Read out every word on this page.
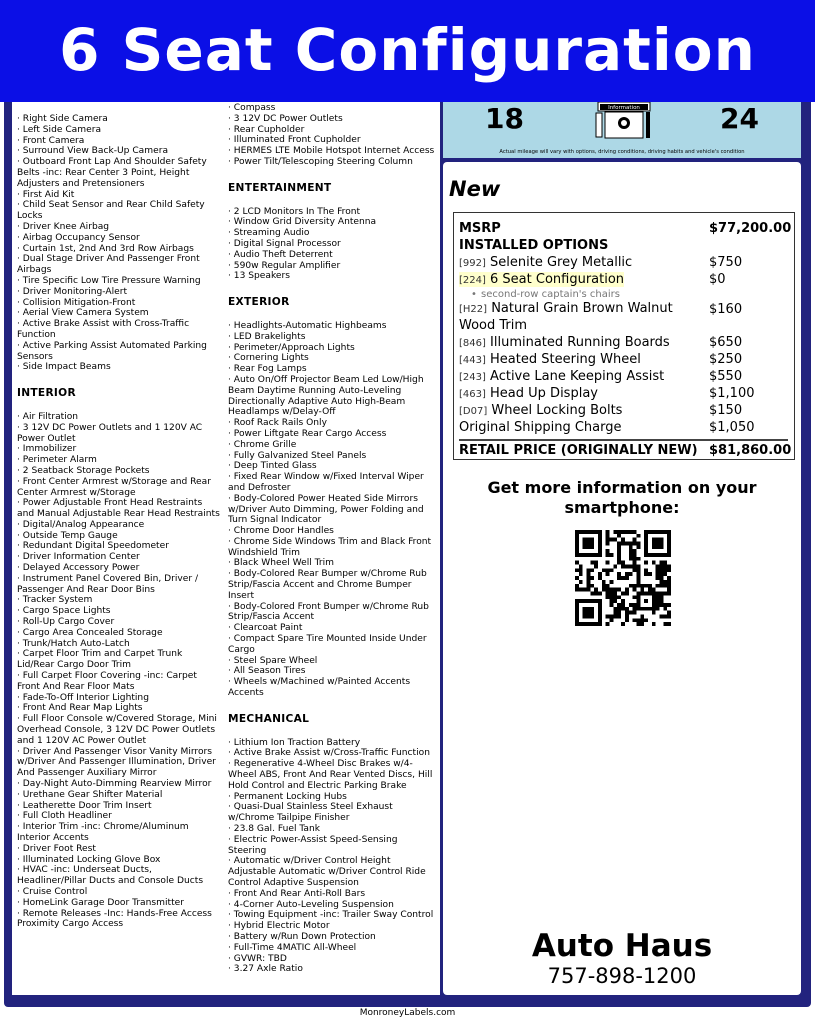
6 Seat Configuration
· Right Side Camera
· Left Side Camera
· Front Camera
· Surround View Back-Up Camera
· Outboard Front Lap And Shoulder Safety Belts -inc: Rear Center 3 Point, Height Adjusters and Pretensioners
· First Aid Kit
· Child Seat Sensor and Rear Child Safety Locks
· Driver Knee Airbag
· Airbag Occupancy Sensor
· Curtain 1st, 2nd And 3rd Row Airbags
· Dual Stage Driver And Passenger Front Airbags
· Tire Specific Low Tire Pressure Warning
· Driver Monitoring-Alert
· Collision Mitigation-Front
· Aerial View Camera System
· Active Brake Assist with Cross-Traffic Function
· Active Parking Assist Automated Parking Sensors
· Side Impact Beams
INTERIOR
· Air Filtration
· 3 12V DC Power Outlets and 1 120V AC Power Outlet
· Immobilizer
· Perimeter Alarm
· 2 Seatback Storage Pockets
· Front Center Armrest w/Storage and Rear Center Armrest w/Storage
· Power Adjustable Front Head Restraints and Manual Adjustable Rear Head Restraints
· Digital/Analog Appearance
· Outside Temp Gauge
· Redundant Digital Speedometer
· Driver Information Center
· Delayed Accessory Power
· Instrument Panel Covered Bin, Driver / Passenger And Rear Door Bins
· Tracker System
· Cargo Space Lights
· Roll-Up Cargo Cover
· Cargo Area Concealed Storage
· Trunk/Hatch Auto-Latch
· Carpet Floor Trim and Carpet Trunk Lid/Rear Cargo Door Trim
· Full Carpet Floor Covering -inc: Carpet Front And Rear Floor Mats
· Fade-To-Off Interior Lighting
· Front And Rear Map Lights
· Full Floor Console w/Covered Storage, Mini Overhead Console, 3 12V DC Power Outlets and 1 120V AC Power Outlet
· Driver And Passenger Visor Vanity Mirrors w/Driver And Passenger Illumination, Driver And Passenger Auxiliary Mirror
· Day-Night Auto-Dimming Rearview Mirror
· Urethane Gear Shifter Material
· Leatherette Door Trim Insert
· Full Cloth Headliner
· Interior Trim -inc: Chrome/Aluminum Interior Accents
· Driver Foot Rest
· Illuminated Locking Glove Box
· HVAC -inc: Underseat Ducts, Headliner/Pillar Ducts and Console Ducts
· Cruise Control
· HomeLink Garage Door Transmitter
· Remote Releases -Inc: Hands-Free Access Proximity Cargo Access
· Compass
· 3 12V DC Power Outlets
· Rear Cupholder
· Illuminated Front Cupholder
· HERMES LTE Mobile Hotspot Internet Access
· Power Tilt/Telescoping Steering Column
ENTERTAINMENT
· 2 LCD Monitors In The Front
· Window Grid Diversity Antenna
· Streaming Audio
· Digital Signal Processor
· Audio Theft Deterrent
· 590w Regular Amplifier
· 13 Speakers
EXTERIOR
· Headlights-Automatic Highbeams
· LED Brakelights
· Perimeter/Approach Lights
· Cornering Lights
· Rear Fog Lamps
· Auto On/Off Projector Beam Led Low/High Beam Daytime Running Auto-Leveling Directionally Adaptive Auto High-Beam Headlamps w/Delay-Off
· Roof Rack Rails Only
· Power Liftgate Rear Cargo Access
· Chrome Grille
· Fully Galvanized Steel Panels
· Deep Tinted Glass
· Fixed Rear Window w/Fixed Interval Wiper and Defroster
· Body-Colored Power Heated Side Mirrors w/Driver Auto Dimming, Power Folding and Turn Signal Indicator
· Chrome Door Handles
· Chrome Side Windows Trim and Black Front Windshield Trim
· Black Wheel Well Trim
· Body-Colored Rear Bumper w/Chrome Rub Strip/Fascia Accent and Chrome Bumper Insert
· Body-Colored Front Bumper w/Chrome Rub Strip/Fascia Accent
· Clearcoat Paint
· Compact Spare Tire Mounted Inside Under Cargo
· Steel Spare Wheel
· All Season Tires
· Wheels w/Machined w/Painted Accents Accents
MECHANICAL
· Lithium Ion Traction Battery
· Active Brake Assist w/Cross-Traffic Function
· Regenerative 4-Wheel Disc Brakes w/4-Wheel ABS, Front And Rear Vented Discs, Hill Hold Control and Electric Parking Brake
· Permanent Locking Hubs
· Quasi-Dual Stainless Steel Exhaust w/Chrome Tailpipe Finisher
· 23.8 Gal. Fuel Tank
· Electric Power-Assist Speed-Sensing Steering
· Automatic w/Driver Control Height Adjustable Automatic w/Driver Control Ride Control Adaptive Suspension
· Front And Rear Anti-Roll Bars
· 4-Corner Auto-Leveling Suspension
· Towing Equipment -inc: Trailer Sway Control
· Hybrid Electric Motor
· Battery w/Run Down Protection
· Full-Time 4MATIC All-Wheel
· GVWR: TBD
· 3.27 Axle Ratio
18	Information	24
Actual mileage will vary with options, driving conditions, driving habits and vehicle's condition
New
MSRP	$77,200.00
INSTALLED OPTIONS
[992] Selenite Grey Metallic	$750
[224] 6 Seat Configuration	$0
• second-row captain's chairs
[H22] Natural Grain Brown Walnut Wood Trim
$160
[846] Illuminated Running Boards	$650
[443] Heated Steering Wheel	$250
[243] Active Lane Keeping Assist	$550
[463] Head Up Display	$1,100
[D07] Wheel Locking Bolts	$150
Original Shipping Charge	$1,050
RETAIL PRICE (ORIGINALLY NEW) $81,860.00
Get more information on your
smartphone:
Auto Haus
757-898-1200
MonroneyLabels.com
